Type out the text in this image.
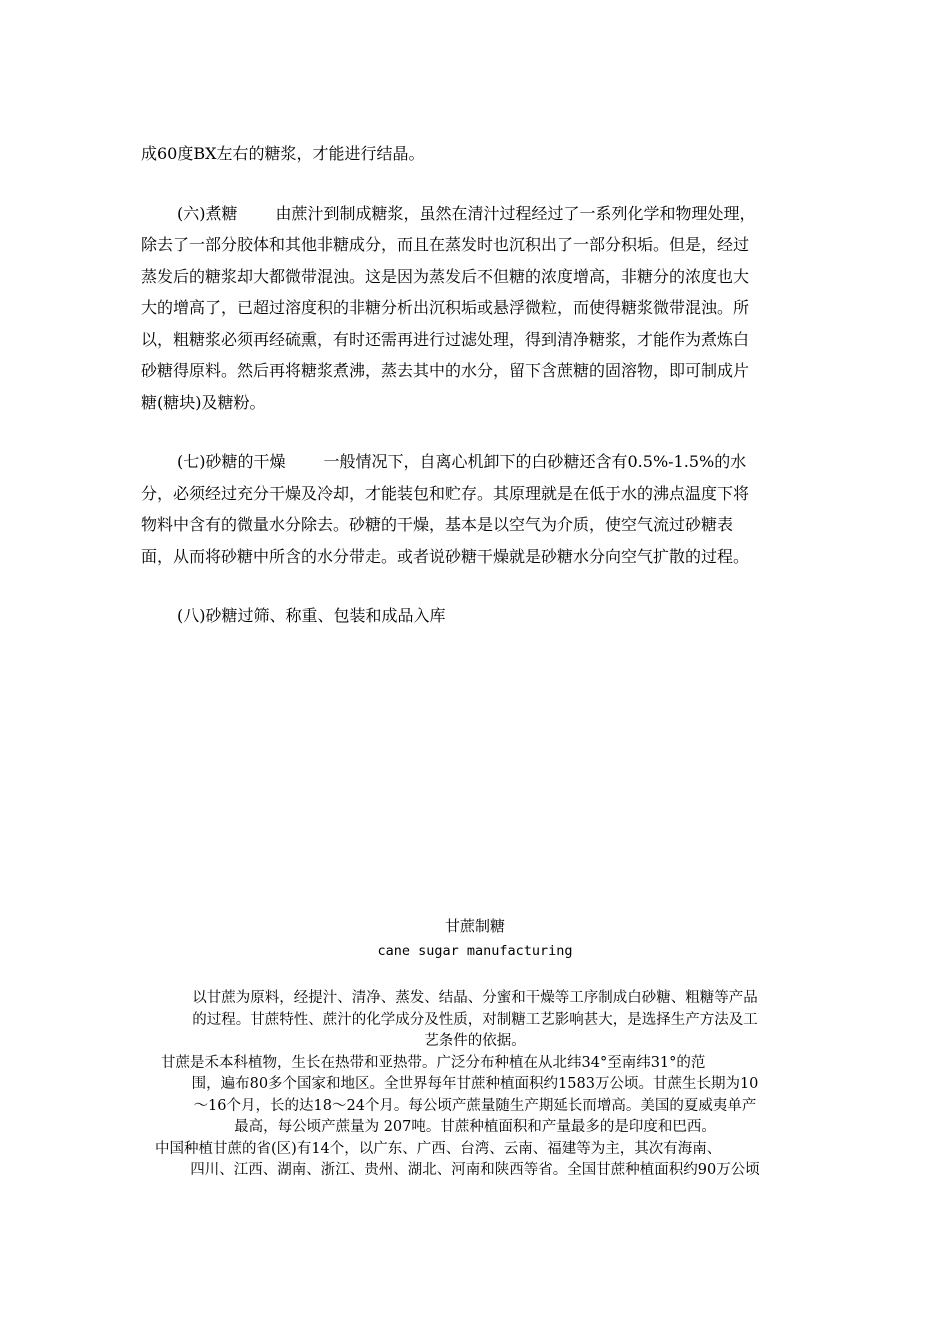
成60度BX左右的糖浆，才能进行结晶。

(六)煮糖 由蔗汁到制成糖浆，虽然在清汁过程经过了一系列化学和物理处理，

除去了一部分胶体和其他非糖成分，而且在蒸发时也沉积出了一部分积垢。但是，经过

蒸发后的糖浆却大都微带混浊。这是因为蒸发后不但糖的浓度增高，非糖分的浓度也大

大的增高了，已超过溶度积的非糖分析出沉积垢或悬浮微粒，而使得糖浆微带混浊。所

以，粗糖浆必须再经硫熏，有时还需再进行过滤处理，得到清净糖浆，才能作为煮炼白

砂糖得原料。然后再将糖浆煮沸，蒸去其中的水分，留下含蔗糖的固溶物，即可制成片

糖(糖块)及糖粉。

(七)砂糖的干燥 一般情况下，自离心机卸下的白砂糖还含有0.5%-1.5%的水

分，必须经过充分干燥及冷却，才能装包和贮存。其原理就是在低于水的沸点温度下将

物料中含有的微量水分除去。砂糖的干燥，基本是以空气为介质，使空气流过砂糖表

面，从而将砂糖中所含的水分带走。或者说砂糖干燥就是砂糖水分向空气扩散的过程。

(八)砂糖过筛、称重、包装和成品入库

甘蔗制糖
cane sugar manufacturing

以甘蔗为原料，经提汁、清净、蒸发、结晶、分蜜和干燥等工序制成白砂糖、粗糖等产品

的过程。甘蔗特性、蔗汁的化学成分及性质，对制糖工艺影响甚大，是选择生产方法及工

艺条件的依据。

甘蔗是禾本科植物，生长在热带和亚热带。广泛分布种植在从北纬34°至南纬31°的范

围，遍布80多个国家和地区。全世界每年甘蔗种植面积约1583万公顷。甘蔗生长期为10

～16个月，长的达18～24个月。每公顷产蔗量随生产期延长而增高。美国的夏威夷单产

最高，每公顷产蔗量为 207吨。甘蔗种植面积和产量最多的是印度和巴西。

中国种植甘蔗的省(区)有14个，以广东、广西、台湾、云南、福建等为主，其次有海南、

四川、江西、湖南、浙江、贵州、湖北、河南和陕西等省。全国甘蔗种植面积约90万公顷
